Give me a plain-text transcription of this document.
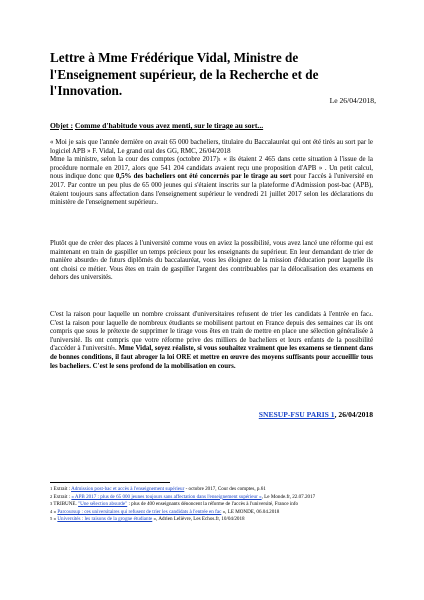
Lettre à Mme Frédérique Vidal, Ministre de l'Enseignement supérieur, de la Recherche et de l'Innovation.
Le 26/04/2018,
Objet : Comme d'habitude vous avez menti, sur le tirage au sort...

« Moi je sais que l'année dernière on avait 65 000 bacheliers, titulaire du Baccalauréat qui ont été tirés au sort par le logiciel APB » F. Vidal, Le grand oral des GG, RMC, 26/04/2018
Mme la ministre, selon la cour des comptes (octobre 2017)$^1$ « ils étaient 2 465 dans cette situation à l'issue de la procédure normale en 2017, alors que 541 204 candidats avaient reçu une proposition d'APB » . Un petit calcul, nous indique donc que 0,5% des bacheliers ont été concernés par le tirage au sort pour l'accès à l'université en 2017. Par contre un peu plus de 65 000 jeunes qui s'étaient inscrits sur la plateforme d'Admission post-bac (APB), étaient toujours sans affectation dans l'enseignement supérieur le vendredi 21 juillet 2017 selon les déclarations du ministère de l'enseignement supérieur$^2$.

Plutôt que de créer des places à l'université comme vous en aviez la possibilité, vous avez lancé une réforme qui est maintenant en train de gaspiller un temps précieux pour les enseignants du supérieur. En leur demandant de trier de manière absurde$^3$ de futurs diplômés du baccalauréat, vous les éloignez de la mission d'éducation pour laquelle ils ont choisi ce métier. Vous êtes en train de gaspiller l'argent des contribuables par la délocalisation des examens en dehors des universités.

C'est la raison pour laquelle un nombre croissant d'universitaires refusent de trier les candidats à l'entrée en fac$^4$. C'est la raison pour laquelle de nombreux étudiants se mobilisent partout en France depuis des semaines car ils ont compris que sous le prétexte de supprimer le tirage vous êtes en train de mettre en place une sélection généralisée à l'université. Ils ont compris que votre réforme prive des milliers de bacheliers et leurs enfants de la possibilité d'accéder à l'université$^5$. Mme Vidal, soyez réaliste, si vous souhaitez vraiment que les examens se tiennent dans de bonnes conditions, il faut abroger la loi ORE et mettre en œuvre des moyens suffisants pour accueillir tous les bacheliers. C'est le sens profond de la mobilisation en cours.

SNESUP-FSU PARIS 1, 26/04/2018
$^1$ Extrait : Admission post-bac et accès à l'enseignement supérieur - octobre 2017, Cour des comptes, p.61
$^2$ Extrait : « APB 2017 : plus de 65 000 jeunes toujours sans affectation dans l'enseignement supérieur », Le Monde.fr, 22.07.2017
$^3$ TRIBUNE. "Une sélection absurde" : plus de 400 enseignants dénoncent la réforme de l'accès à l'université, France info
$^4$ « Parcoursup : ces universitaires qui refusent de trier les candidats à l'entrée en fac », LE MONDE, 06.04.2018
$^5$ « Universités : les raisons de la grogne étudiante », Adrien Lelièvre, Les Echos.fr, 10/04/2018
